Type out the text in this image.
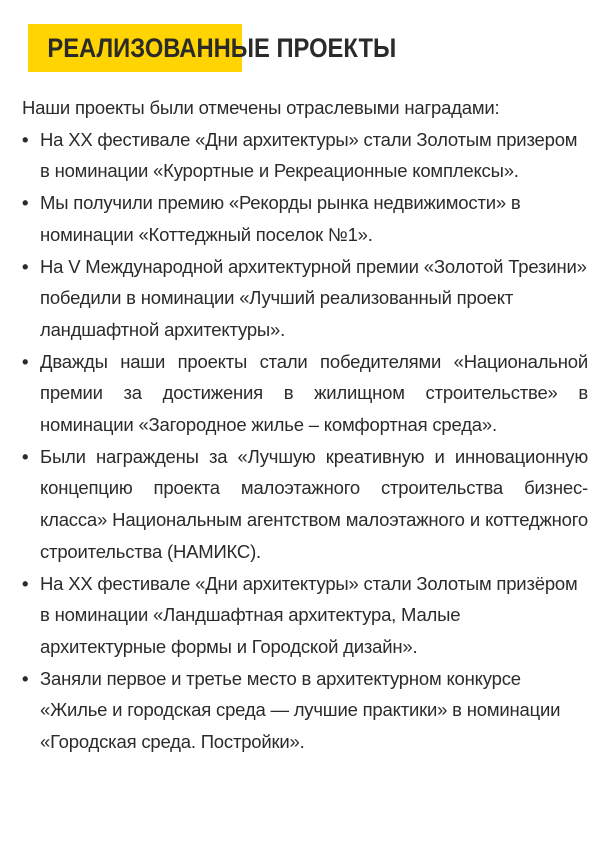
РЕАЛИЗОВАННЫЕ ПРОЕКТЫ

Наши проекты были отмечены отраслевыми наградами:

• На XX фестивале «Дни архитектуры» стали Золотым призером в номинации «Курортные и Рекреационные комплексы».
• Мы получили премию «Рекорды рынка недвижимости» в номинации «Коттеджный поселок №1».
• На V Международной архитектурной премии «Золотой Трезини» победили в номинации «Лучший реализованный проект ландшафтной архитектуры».
• Дважды наши проекты стали победителями «Национальной премии за достижения в жилищном строительстве» в номинации «Загородное жилье – комфортная среда».
• Были награждены за «Лучшую креативную и инновационную концепцию проекта малоэтажного строительства бизнес-класса» Национальным агентством малоэтажного и коттеджного строительства (НАМИКС).
• На XX фестивале «Дни архитектуры» стали Золотым призёром в номинации «Ландшафтная архитектура, Малые архитектурные формы и Городской дизайн».
• Заняли первое и третье место в архитектурном конкурсе «Жилье и городская среда — лучшие практики» в номинации «Городская среда. Постройки».
